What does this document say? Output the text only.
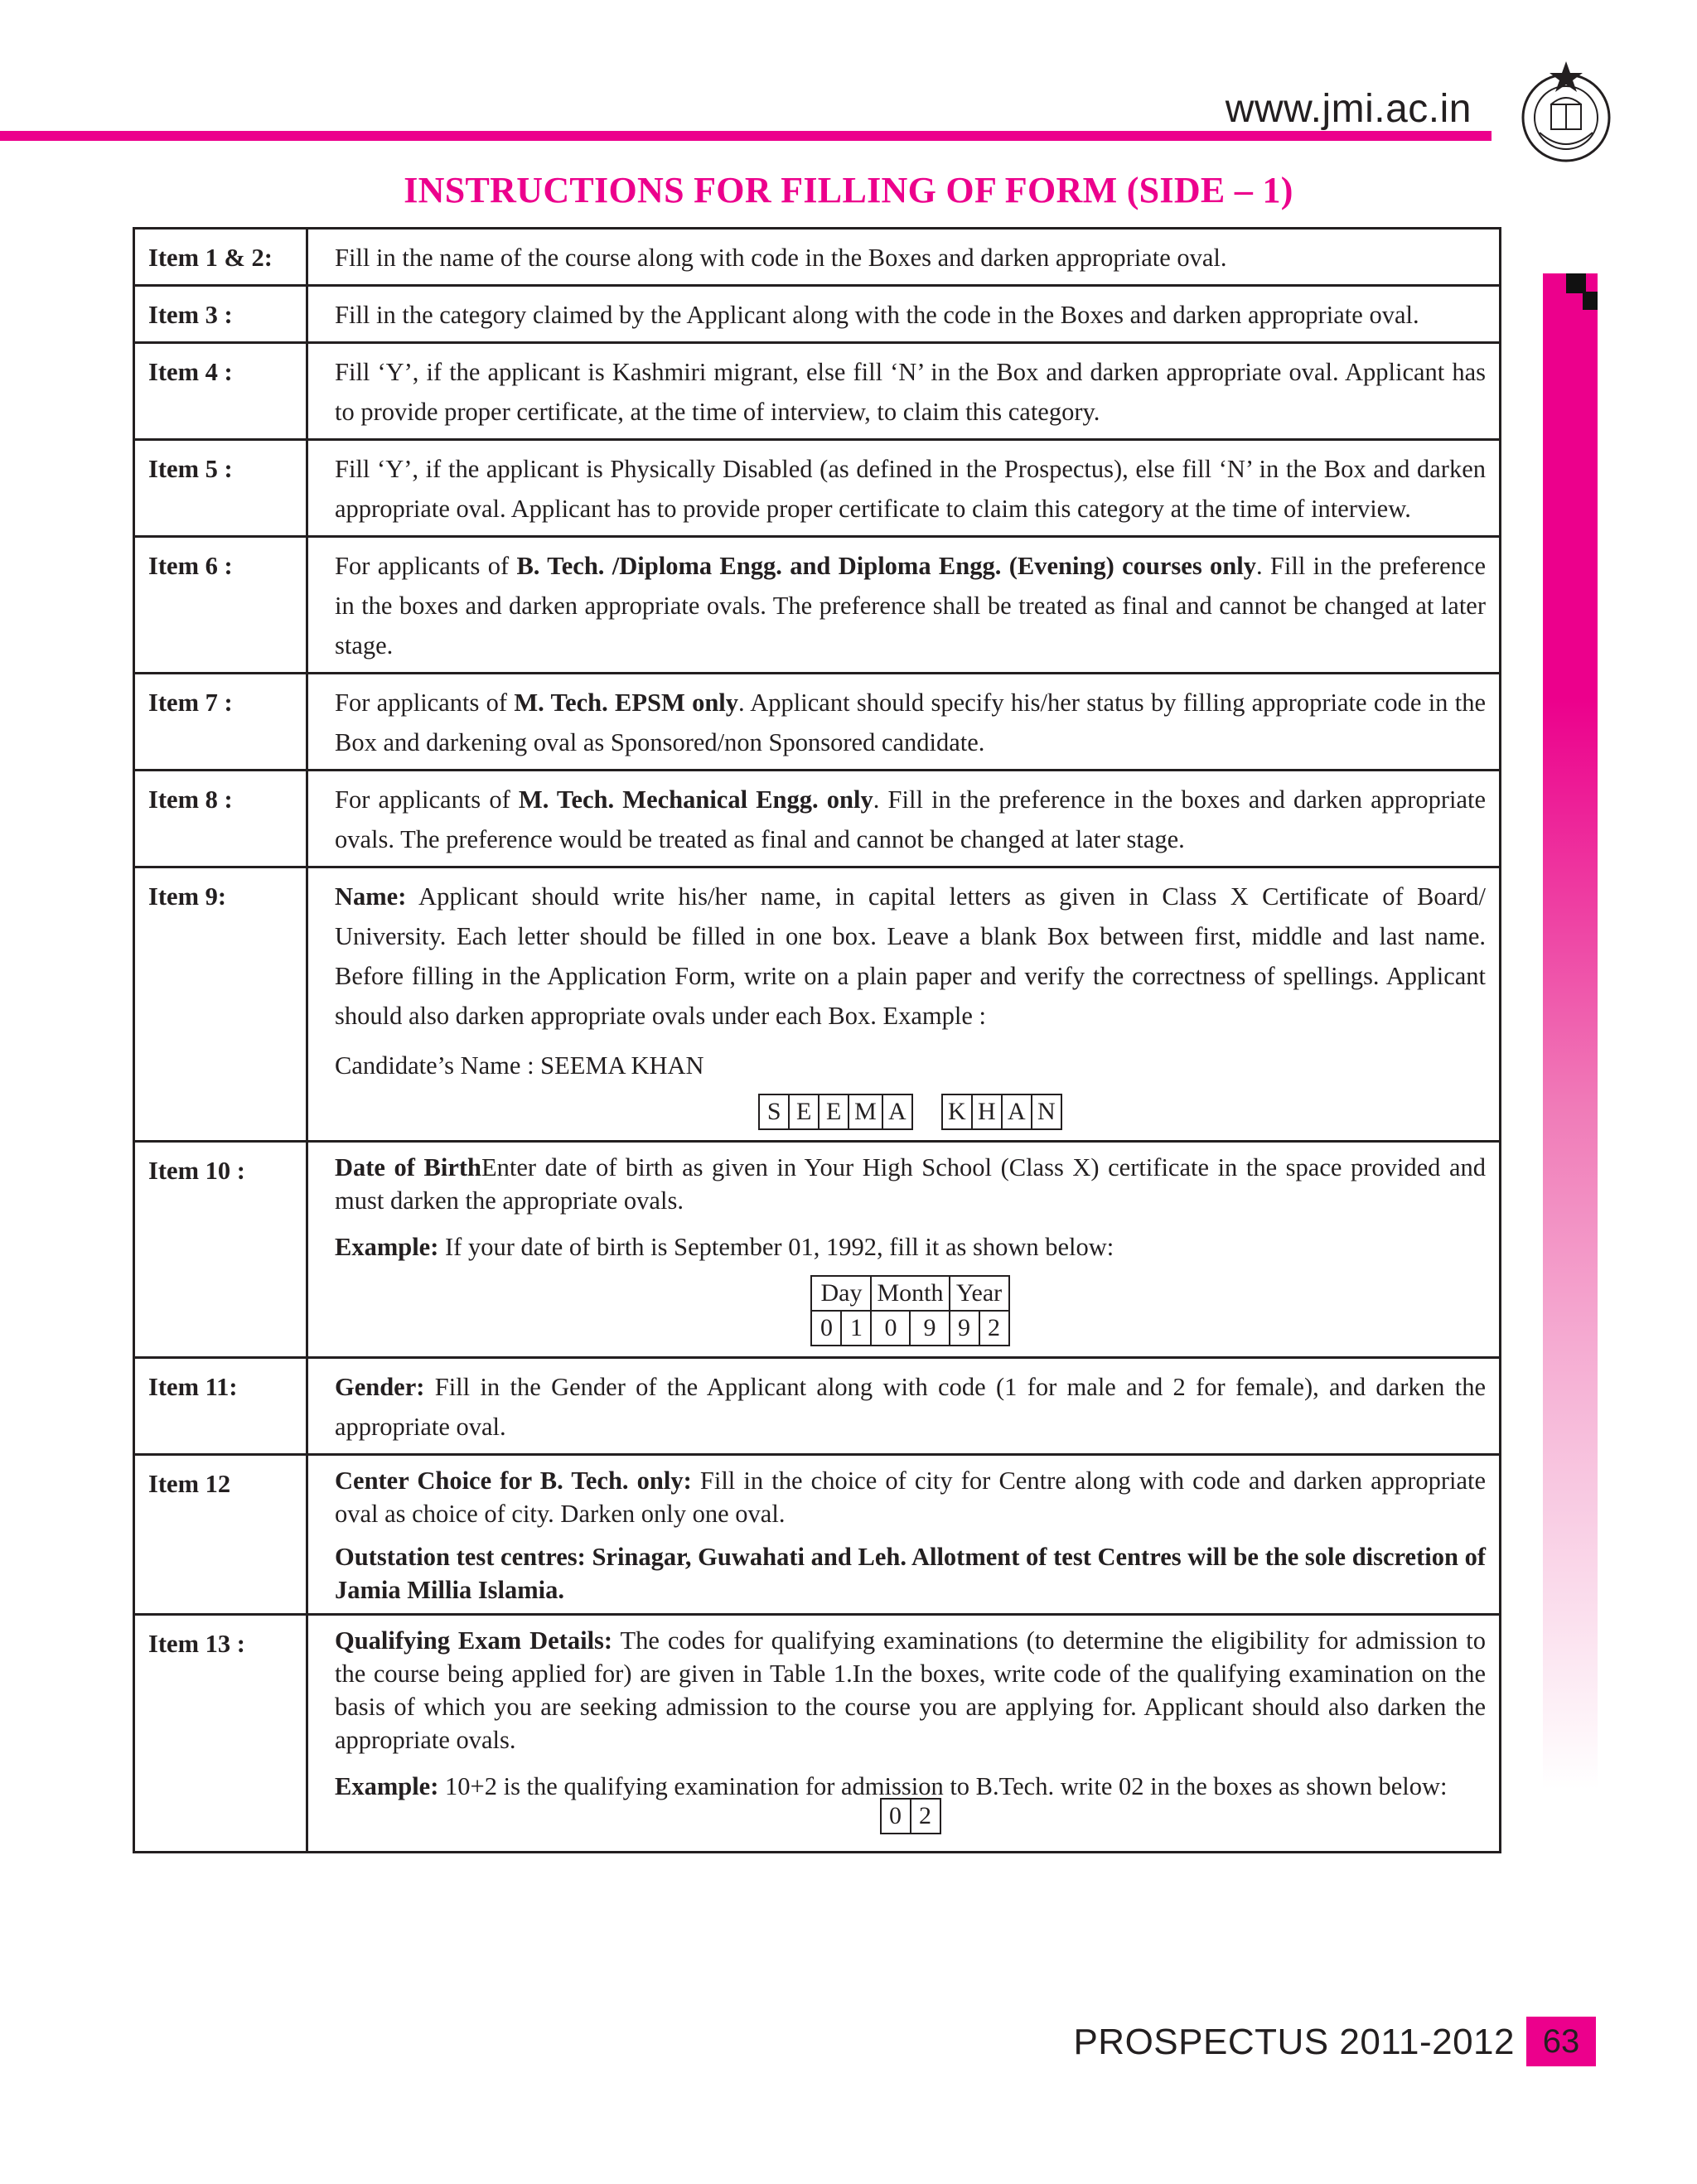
www.jmi.ac.in
INSTRUCTIONS FOR FILLING OF FORM (SIDE – 1)
Item 1 & 2:	Fill in the name of the course along with code in the Boxes and darken appropriate oval.
Item 3 :	Fill in the category claimed by the Applicant along with the code in the Boxes and darken appropriate oval.
Item 4 :	Fill ‘Y’, if the applicant is Kashmiri migrant, else fill ‘N’ in the Box and darken appropriate oval. Applicant has to provide proper certificate, at the time of interview, to claim this category.
Item 5 :	Fill ‘Y’, if the applicant is Physically Disabled (as defined in the Prospectus), else fill ‘N’ in the Box and darken appropriate oval. Applicant has to provide proper certificate to claim this category at the time of interview.
Item 6 :	For applicants of B. Tech. /Diploma Engg. and Diploma Engg. (Evening) courses only. Fill in the preference in the boxes and darken appropriate ovals. The preference shall be treated as final and cannot be changed at later stage.
Item 7 :	For applicants of M. Tech. EPSM only. Applicant should specify his/her status by filling appropriate code in the Box and darkening oval as Sponsored/non Sponsored candidate.
Item 8 :	For applicants of M. Tech. Mechanical Engg. only. Fill in the preference in the boxes and darken appropriate ovals. The preference would be treated as final and cannot be changed at later stage.
Item 9:	Name: Applicant should write his/her name, in capital letters as given in Class X Certificate of Board/ University. Each letter should be filled in one box. Leave a blank Box between first, middle and last name. Before filling in the Application Form, write on a plain paper and verify the correctness of spellings. Applicant should also darken appropriate ovals under each Box. Example :
Candidate’s Name : SEEMA KHAN
S	E	E	M	A		K	H	A	N

Item 10 :	Date of BirthEnter date of birth as given in Your High School (Class X) certificate in the space provided and must darken the appropriate ovals.
Example: If your date of birth is September 01, 1992, fill it as shown below:
Day	Month	Year
0	1	0	9	9	2

Item 11:	Gender: Fill in the Gender of the Applicant along with code (1 for male and 2 for female), and darken the appropriate oval.
Item 12	Center Choice for B. Tech. only: Fill in the choice of city for Centre along with code and darken appropriate oval as choice of city. Darken only one oval.
Outstation test centres: Srinagar, Guwahati and Leh. Allotment of test Centres will be the sole discretion of Jamia Millia Islamia.

Item 13 :	Qualifying Exam Details: The codes for qualifying examinations (to determine the eligibility for admission to the course being applied for) are given in Table 1.In the boxes, write code of the qualifying examination on the basis of which you are seeking admission to the course you are applying for. Applicant should also darken the appropriate ovals.
Example: 10+2 is the qualifying examination for admission to B.Tech. write 02 in the boxes as shown below:
0	2
PROSPECTUS 2011-2012 63
